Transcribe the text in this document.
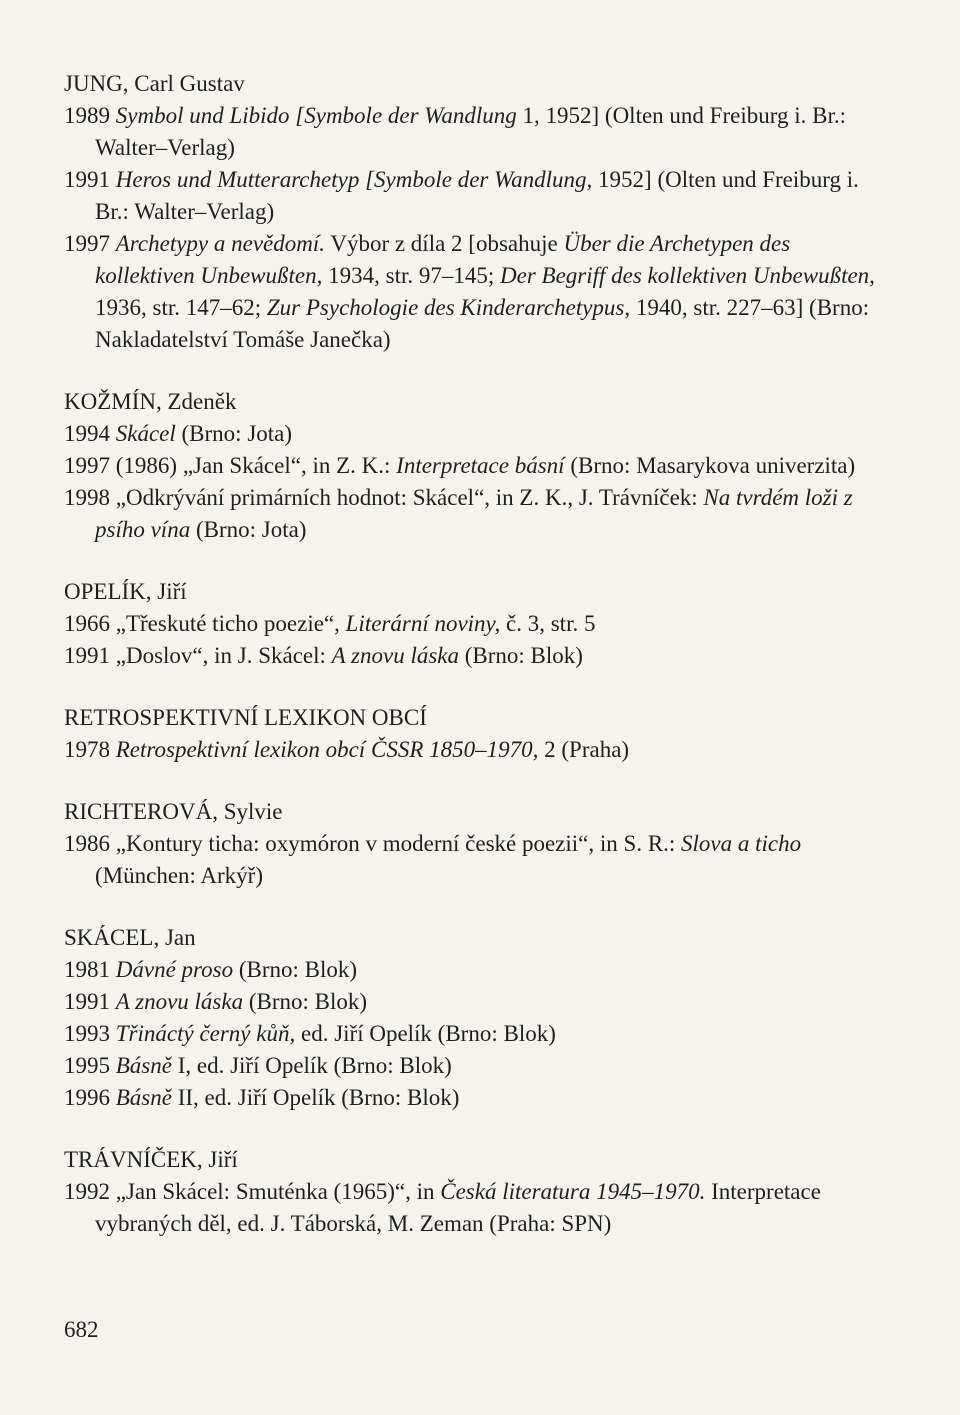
JUNG, Carl Gustav
1989 Symbol und Libido [Symbole der Wandlung 1, 1952] (Olten und Freiburg i. Br.: Walter–Verlag)
1991 Heros und Mutterarchetyp [Symbole der Wandlung, 1952] (Olten und Freiburg i. Br.: Walter–Verlag)
1997 Archetypy a nevědomí. Výbor z díla 2 [obsahuje Über die Archetypen des kollektiven Unbewußten, 1934, str. 97–145; Der Begriff des kollektiven Unbewußten, 1936, str. 147–62; Zur Psychologie des Kinderarchetypus, 1940, str. 227–63] (Brno: Nakladatelství Tomáše Janečka)
KOŽMÍN, Zdeněk
1994 Skácel (Brno: Jota)
1997 (1986) „Jan Skácel“, in Z. K.: Interpretace básní (Brno: Masarykova univerzita)
1998 „Odkrývání primárních hodnot: Skácel“, in Z. K., J. Trávníček: Na tvrdém loži z psího vína (Brno: Jota)
OPELÍK, Jiří
1966 „Třeskuté ticho poezie“, Literární noviny, č. 3, str. 5
1991 „Doslov“, in J. Skácel: A znovu láska (Brno: Blok)
RETROSPEKTIVNÍ LEXIKON OBCÍ
1978 Retrospektivní lexikon obcí ČSSR 1850–1970, 2 (Praha)
RICHTEROVÁ, Sylvie
1986 „Kontury ticha: oxymóron v moderní české poezii“, in S. R.: Slova a ticho (München: Arkýř)
SKÁCEL, Jan
1981 Dávné proso (Brno: Blok)
1991 A znovu láska (Brno: Blok)
1993 Třináctý černý kůň, ed. Jiří Opelík (Brno: Blok)
1995 Básně I, ed. Jiří Opelík (Brno: Blok)
1996 Básně II, ed. Jiří Opelík (Brno: Blok)
TRÁVNÍČEK, Jiří
1992 „Jan Skácel: Smuténka (1965)“, in Česká literatura 1945–1970. Interpretace vybraných děl, ed. J. Táborská, M. Zeman (Praha: SPN)
682
